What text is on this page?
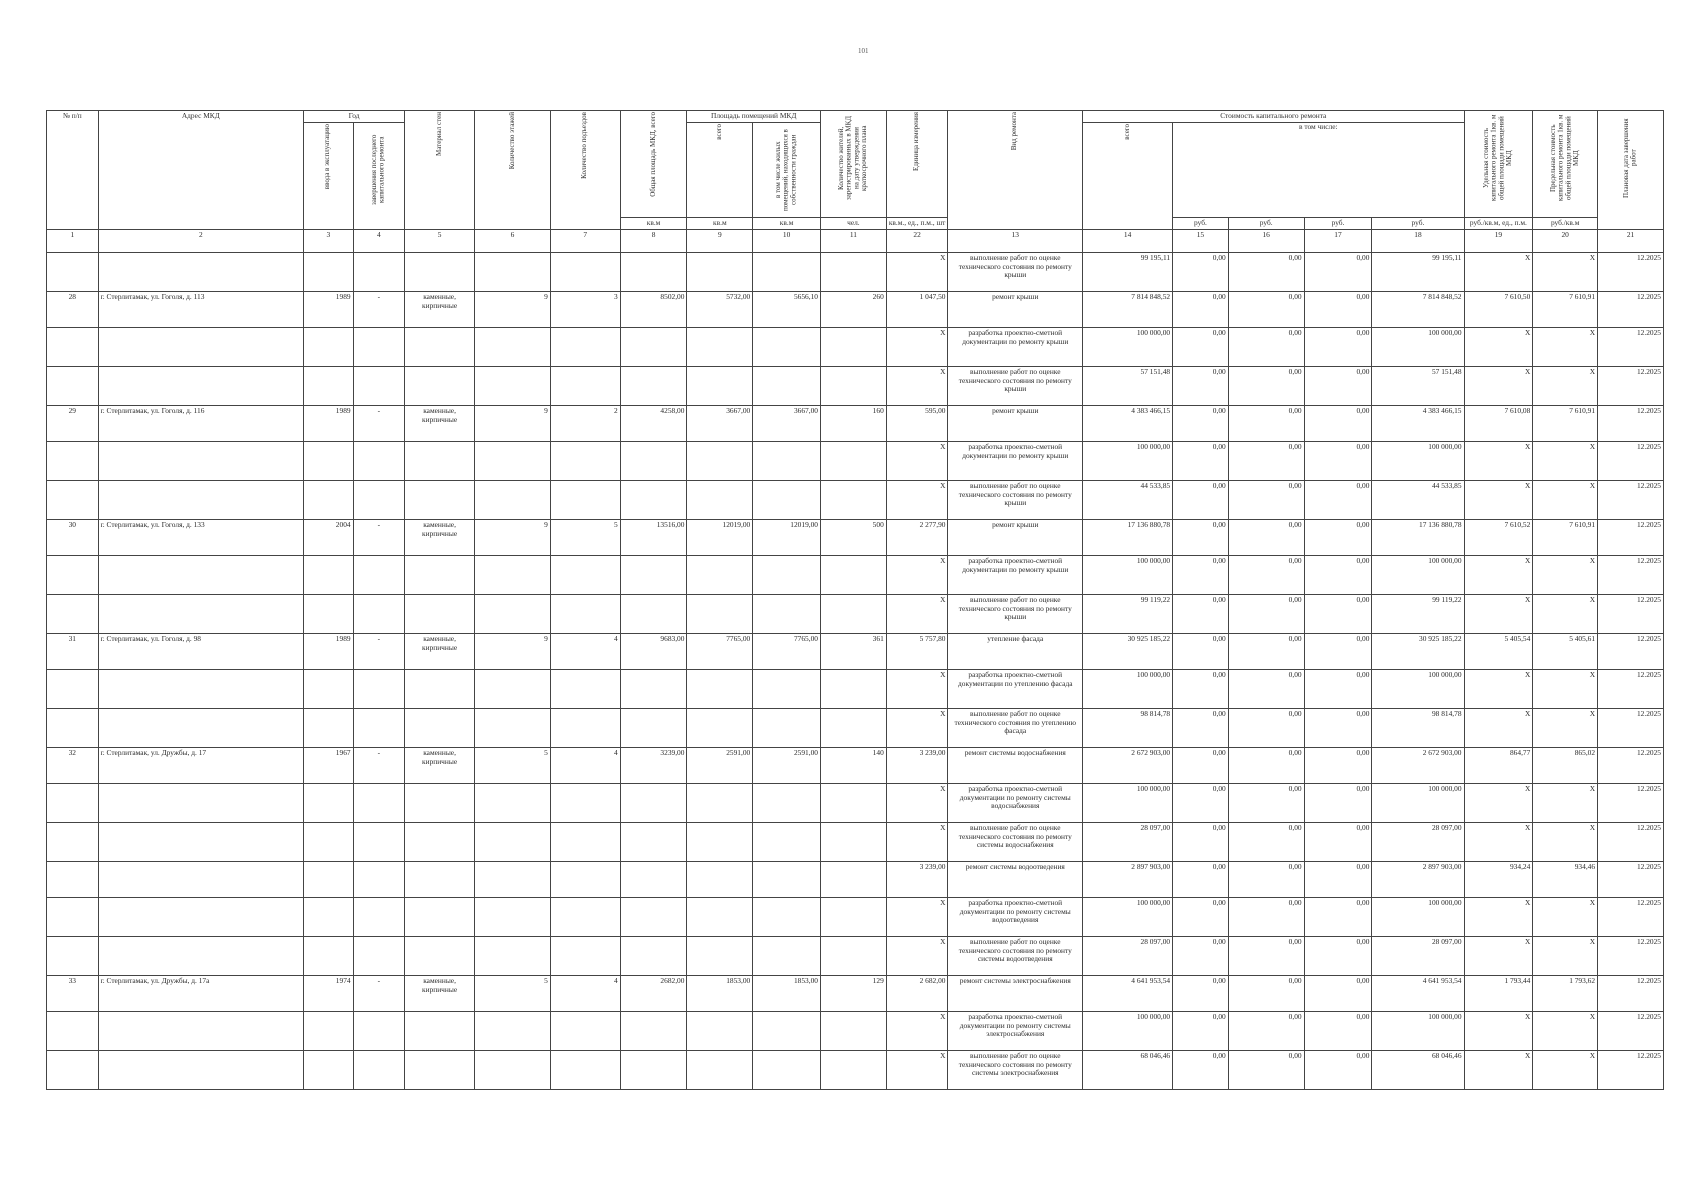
101
№ п/п	Адрес МКД	Год		Материал стен	Количество этажей	Количество подъездов	Общая площадь МКД, всего	Площадь помещений МКД		Количество жителей, зарегистрированных в МКД на дату утверждения краткосрочного плана	Единица измерения	Вид ремонта	Стоимость капитального ремонта					Удельная стоимость капитального ремонта 1кв. м общей площади помещений МКД	Предельная стоимость капитального ремонта 1кв. м общей площади помещений МКД	Плановая дата завершения работ

		ввода в эксплуатацию	завершения последнего капитального ремонта					всего	в том числе жилых помещений, находящихся в собственности граждан				всего	в том числе:						
							кв.м	кв.м	кв.м	чел.	кв.м., ед., п.м., шт			руб.	руб.	руб.	руб.	руб./кв.м, ед., п.м.	руб./кв.м	
1	2	3	4	5	6	7	8	9	10	11	22	13	14	15	16	17	18	19	20	21
											X	выполнение работ по оценке технического состояния по ремонту крыши	99 195,11	0,00	0,00	0,00	99 195,11	X	X	12.2025
28	г. Стерлитамак, ул. Гоголя, д. 113	1989	-	каменные, кирпичные	9	3	8502,00	5732,00	5656,10	260	1 047,50	ремонт крыши	7 814 848,52	0,00	0,00	0,00	7 814 848,52	7 610,50	7 610,91	12.2025
											X	разработка проектно-сметной документации по ремонту крыши	100 000,00	0,00	0,00	0,00	100 000,00	X	X	12.2025
											X	выполнение работ по оценке технического состояния по ремонту крыши	57 151,48	0,00	0,00	0,00	57 151,48	X	X	12.2025
29	г. Стерлитамак, ул. Гоголя, д. 116	1989	-	каменные, кирпичные	9	2	4258,00	3667,00	3667,00	160	595,00	ремонт крыши	4 383 466,15	0,00	0,00	0,00	4 383 466,15	7 610,08	7 610,91	12.2025
											X	разработка проектно-сметной документации по ремонту крыши	100 000,00	0,00	0,00	0,00	100 000,00	X	X	12.2025
											X	выполнение работ по оценке технического состояния по ремонту крыши	44 533,85	0,00	0,00	0,00	44 533,85	X	X	12.2025
30	г. Стерлитамак, ул. Гоголя, д. 133	2004	-	каменные, кирпичные	9	5	13516,00	12019,00	12019,00	500	2 277,90	ремонт крыши	17 136 880,78	0,00	0,00	0,00	17 136 880,78	7 610,52	7 610,91	12.2025
											X	разработка проектно-сметной документации по ремонту крыши	100 000,00	0,00	0,00	0,00	100 000,00	X	X	12.2025
											X	выполнение работ по оценке технического состояния по ремонту крыши	99 119,22	0,00	0,00	0,00	99 119,22	X	X	12.2025
31	г. Стерлитамак, ул. Гоголя, д. 98	1989	-	каменные, кирпичные	9	4	9683,00	7765,00	7765,00	361	5 757,80	утепление фасада	30 925 185,22	0,00	0,00	0,00	30 925 185,22	5 405,54	5 405,61	12.2025
											X	разработка проектно-сметной документации по утеплению фасада	100 000,00	0,00	0,00	0,00	100 000,00	X	X	12.2025
											X	выполнение работ по оценке технического состояния по утеплению фасада	98 814,78	0,00	0,00	0,00	98 814,78	X	X	12.2025
32	г. Стерлитамак, ул. Дружбы, д. 17	1967	-	каменные, кирпичные	5	4	3239,00	2591,00	2591,00	140	3 239,00	ремонт системы водоснабжения	2 672 903,00	0,00	0,00	0,00	2 672 903,00	864,77	865,02	12.2025
											X	разработка проектно-сметной документации по ремонту системы водоснабжения	100 000,00	0,00	0,00	0,00	100 000,00	X	X	12.2025
											X	выполнение работ по оценке технического состояния по ремонту системы водоснабжения	28 097,00	0,00	0,00	0,00	28 097,00	X	X	12.2025
											3 239,00	ремонт системы водоотведения	2 897 903,00	0,00	0,00	0,00	2 897 903,00	934,24	934,46	12.2025
											X	разработка проектно-сметной документации по ремонту системы водоотведения	100 000,00	0,00	0,00	0,00	100 000,00	X	X	12.2025
											X	выполнение работ по оценке технического состояния по ремонту системы водоотведения	28 097,00	0,00	0,00	0,00	28 097,00	X	X	12.2025
33	г. Стерлитамак, ул. Дружбы, д. 17а	1974	-	каменные, кирпичные	5	4	2682,00	1853,00	1853,00	129	2 682,00	ремонт системы электроснабжения	4 641 953,54	0,00	0,00	0,00	4 641 953,54	1 793,44	1 793,62	12.2025
											X	разработка проектно-сметной документации по ремонту системы электроснабжения	100 000,00	0,00	0,00	0,00	100 000,00	X	X	12.2025
											X	выполнение работ по оценке технического состояния по ремонту системы электроснабжения	68 046,46	0,00	0,00	0,00	68 046,46	X	X	12.2025
